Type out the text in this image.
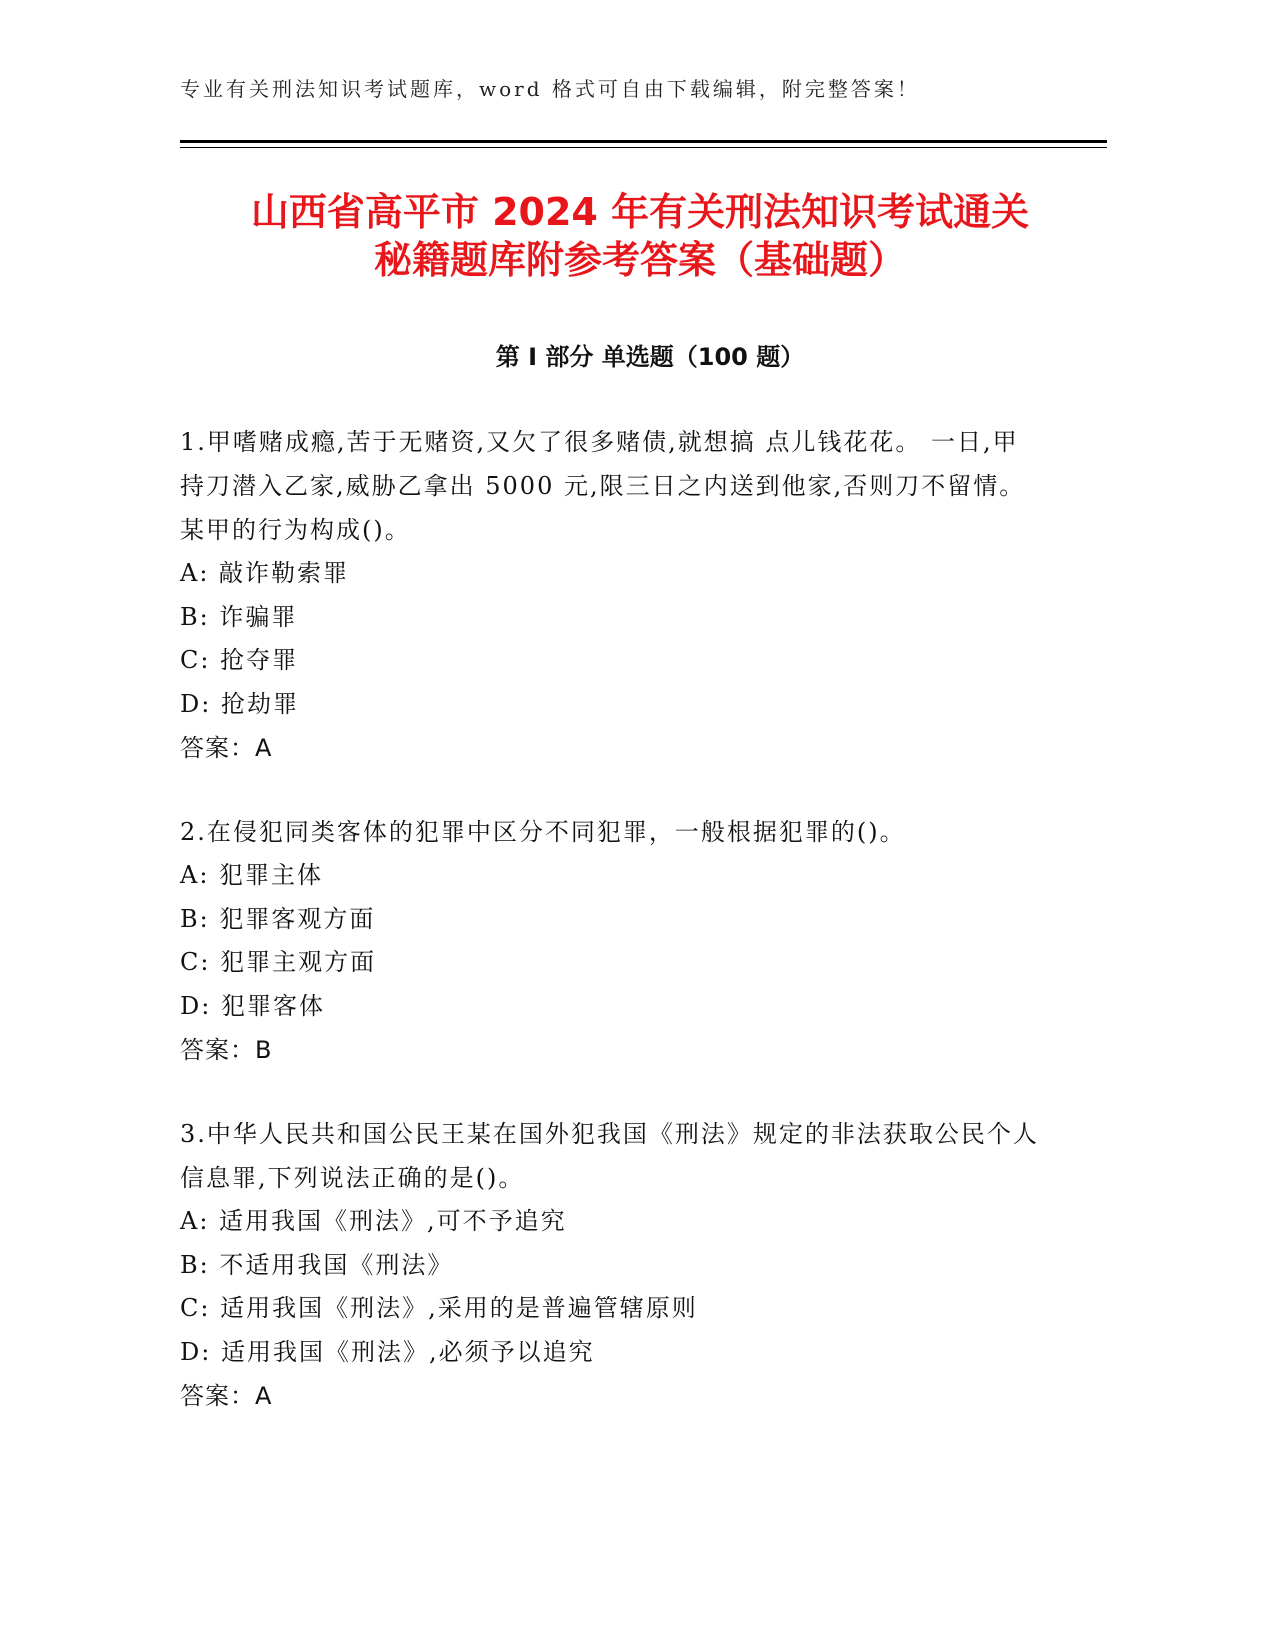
专业有关刑法知识考试题库，word 格式可自由下载编辑，附完整答案！
山西省高平市 2024 年有关刑法知识考试通关
秘籍题库附参考答案（基础题）
第 I 部分 单选题（100 题）

1.甲嗜赌成瘾,苦于无赌资,又欠了很多赌债,就想搞 点儿钱花花。 一日,甲持刀潜入乙家,威胁乙拿出 5000 元,限三日之内送到他家,否则刀不留情。某甲的行为构成()。

A: 敲诈勒索罪

B: 诈骗罪

C: 抢夺罪

D: 抢劫罪

答案：A

2.在侵犯同类客体的犯罪中区分不同犯罪，一般根据犯罪的()。

A: 犯罪主体

B: 犯罪客观方面

C: 犯罪主观方面

D: 犯罪客体

答案：B

3.中华人民共和国公民王某在国外犯我国《刑法》规定的非法获取公民个人信息罪,下列说法正确的是()。

A: 适用我国《刑法》,可不予追究

B: 不适用我国《刑法》

C: 适用我国《刑法》,采用的是普遍管辖原则

D: 适用我国《刑法》,必须予以追究

答案：A
